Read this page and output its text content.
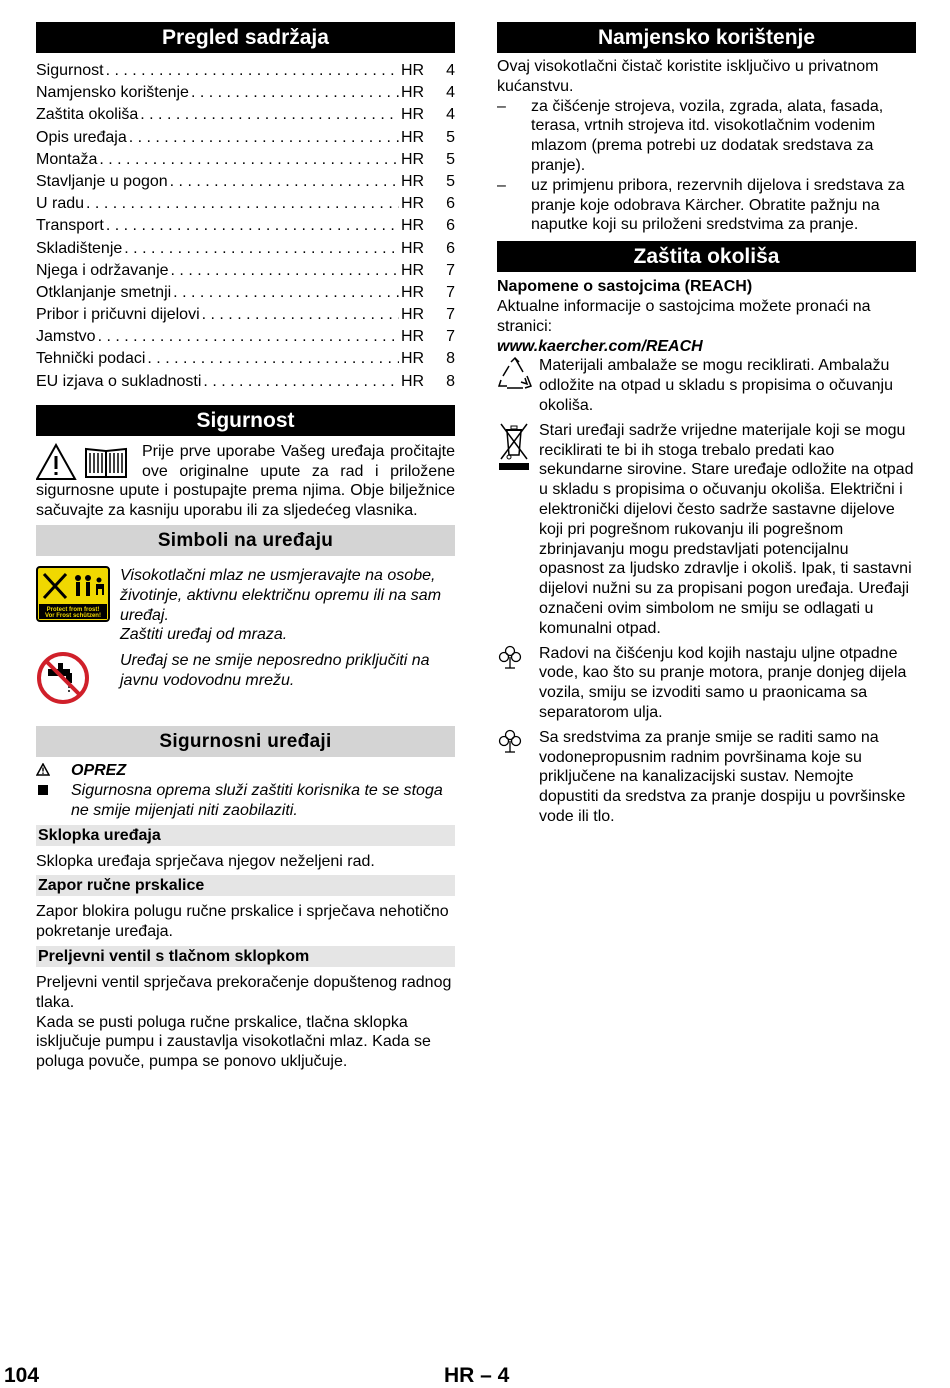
Pregled sadržaja
Sigurnost . . .	HR	4
Namjensko korištenje . . .	HR	4
Zaštita okoliša . . .	HR	4
Opis uređaja . . .	HR	5
Montaža . . .	HR	5
Stavljanje u pogon . . .	HR	5
U radu . . .	HR	6
Transport . . .	HR	6
Skladištenje . . .	HR	6
Njega i održavanje . . .	HR	7
Otklanjanje smetnji . . .	HR	7
Pribor i pričuvni dijelovi . . .	HR	7
Jamstvo . . .	HR	7
Tehnički podaci . . .	HR	8
EU izjava o sukladnosti . . .	HR	8
Sigurnost

Prije prve uporabe Vašeg uređaja pročitajte ove originalne upute za rad i priložene sigurnosne upute i postupajte prema njima. Obje bilježnice sačuvajte za kasniju uporabu ili za sljedećeg vlasnika.

Simboli na uređaju
Protect from frost!
Vor Frost schützen!

Visokotlačni mlaz ne usmjeravajte na osobe, životinje, aktivnu električnu opremu ili na sam uređaj.

Zaštiti uređaj od mraza.

Uređaj se ne smije neposredno priključiti na javnu vodovodnu mrežu.

Sigurnosni uređaji
OPREZ
Sigurnosna oprema služi zaštiti korisnika te se stoga ne smije mijenjati niti zaobilaziti.
Sklopka uređaja

Sklopka uređaja sprječava njegov neželjeni rad.

Zapor ručne prskalice

Zapor blokira polugu ručne prskalice i sprječava nehotično pokretanje uređaja.

Preljevni ventil s tlačnom sklopkom

Preljevni ventil sprječava prekoračenje dopuštenog radnog tlaka.

Kada se pusti poluga ručne prskalice, tlačna sklopka isključuje pumpu i zaustavlja visokotlačni mlaz. Kada se poluga povuče, pumpa se ponovo uključuje.

Namjensko korištenje

Ovaj visokotlačni čistač koristite isključivo u privatnom kućanstvu.

–	za čišćenje strojeva, vozila, zgrada, alata, fasada, terasa, vrtnih strojeva itd. visokotlačnim vodenim mlazom (prema potrebi uz dodatak sredstava za pranje).
–	uz primjenu pribora, rezervnih dijelova i sredstava za pranje koje odobrava Kärcher. Obratite pažnju na naputke koji su priloženi sredstvima za pranje.
Zaštita okoliša

Napomene o sastojcima (REACH)

Aktualne informacije o sastojcima možete pronaći na stranici:

www.kaercher.com/REACH

Materijali ambalaže se mogu reciklirati. Ambalažu odložite na otpad u skladu s propisima o očuvanju okoliša.

Stari uređaji sadrže vrijedne materijale koji se mogu reciklirati te bi ih stoga trebalo predati kao sekundarne sirovine. Stare uređaje odložite na otpad u skladu s propisima o očuvanju okoliša. Električni i elektronički dijelovi često sadrže sastavne dijelove koji pri pogrešnom rukovanju ili pogrešnom zbrinjavanju mogu predstavljati potencijalnu opasnost za ljudsko zdravlje i okoliš. Ipak, ti sastavni dijelovi nužni su za propisani pogon uređaja. Uređaji označeni ovim simbolom ne smiju se odlagati u komunalni otpad.

Radovi na čišćenju kod kojih nastaju uljne otpadne vode, kao što su pranje motora, pranje donjeg dijela vozila, smiju se izvoditi samo u praonicama sa separatorom ulja.

Sa sredstvima za pranje smije se raditi samo na vodonepropusnim radnim površinama koje su priključene na kanalizacijski sustav. Nemojte dopustiti da sredstva za pranje dospiju u površinske vode ili tlo.

104	HR – 4
